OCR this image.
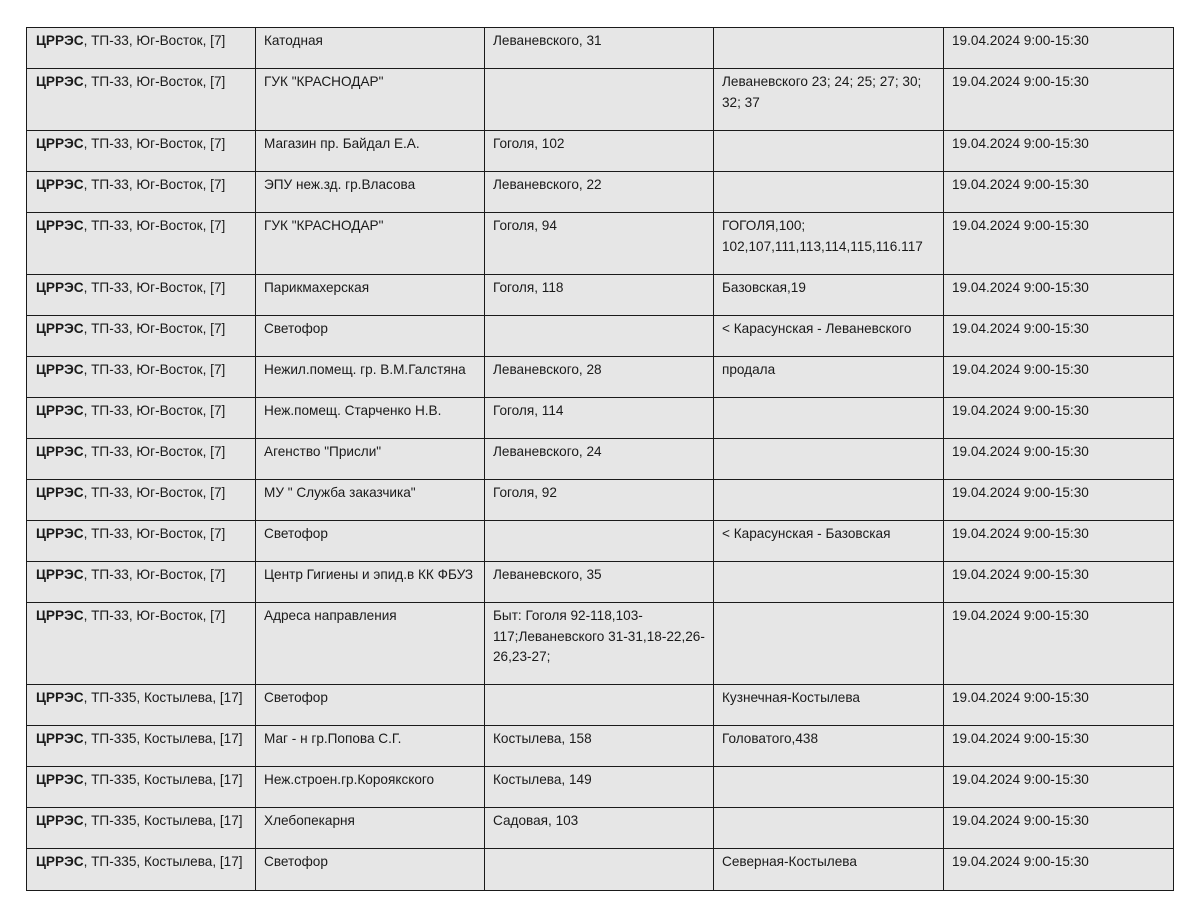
ЦРРЭС, ТП-33, Юг-Восток, [7]	Катодная	Леваневского, 31		19.04.2024 9:00-15:30
ЦРРЭС, ТП-33, Юг-Восток, [7]	ГУК "КРАСНОДАР"		Леваневского 23; 24; 25; 27; 30; 32; 37	19.04.2024 9:00-15:30
ЦРРЭС, ТП-33, Юг-Восток, [7]	Магазин пр. Байдал Е.А.	Гоголя, 102		19.04.2024 9:00-15:30
ЦРРЭС, ТП-33, Юг-Восток, [7]	ЭПУ неж.зд. гр.Власова	Леваневского, 22		19.04.2024 9:00-15:30
ЦРРЭС, ТП-33, Юг-Восток, [7]	ГУК "КРАСНОДАР"	Гоголя, 94	ГОГОЛЯ,100; 102,107,111,113,114,115,116.117	19.04.2024 9:00-15:30
ЦРРЭС, ТП-33, Юг-Восток, [7]	Парикмахерская	Гоголя, 118	Базовская,19	19.04.2024 9:00-15:30
ЦРРЭС, ТП-33, Юг-Восток, [7]	Светофор		< Карасунская - Леваневского	19.04.2024 9:00-15:30
ЦРРЭС, ТП-33, Юг-Восток, [7]	Нежил.помещ. гр. В.М.Галстяна	Леваневского, 28	продала	19.04.2024 9:00-15:30
ЦРРЭС, ТП-33, Юг-Восток, [7]	Неж.помещ. Старченко Н.В.	Гоголя, 114		19.04.2024 9:00-15:30
ЦРРЭС, ТП-33, Юг-Восток, [7]	Агенство "Присли"	Леваневского, 24		19.04.2024 9:00-15:30
ЦРРЭС, ТП-33, Юг-Восток, [7]	МУ " Служба заказчика"	Гоголя, 92		19.04.2024 9:00-15:30
ЦРРЭС, ТП-33, Юг-Восток, [7]	Светофор		< Карасунская - Базовская	19.04.2024 9:00-15:30
ЦРРЭС, ТП-33, Юг-Восток, [7]	Центр Гигиены и эпид.в КК ФБУЗ	Леваневского, 35		19.04.2024 9:00-15:30
ЦРРЭС, ТП-33, Юг-Восток, [7]	Адреса направления	Быт: Гоголя 92-118,103-117;Леваневского 31-31,18-22,26-26,23-27;		19.04.2024 9:00-15:30
ЦРРЭС, ТП-335, Костылева, [17]	Светофор		Кузнечная-Костылева	19.04.2024 9:00-15:30
ЦРРЭС, ТП-335, Костылева, [17]	Маг - н гр.Попова С.Г.	Костылева, 158	Головатого,438	19.04.2024 9:00-15:30
ЦРРЭС, ТП-335, Костылева, [17]	Неж.строен.гр.Короякского	Костылева, 149		19.04.2024 9:00-15:30
ЦРРЭС, ТП-335, Костылева, [17]	Хлебопекарня	Садовая, 103		19.04.2024 9:00-15:30
ЦРРЭС, ТП-335, Костылева, [17]	Светофор		Северная-Костылева	19.04.2024 9:00-15:30
